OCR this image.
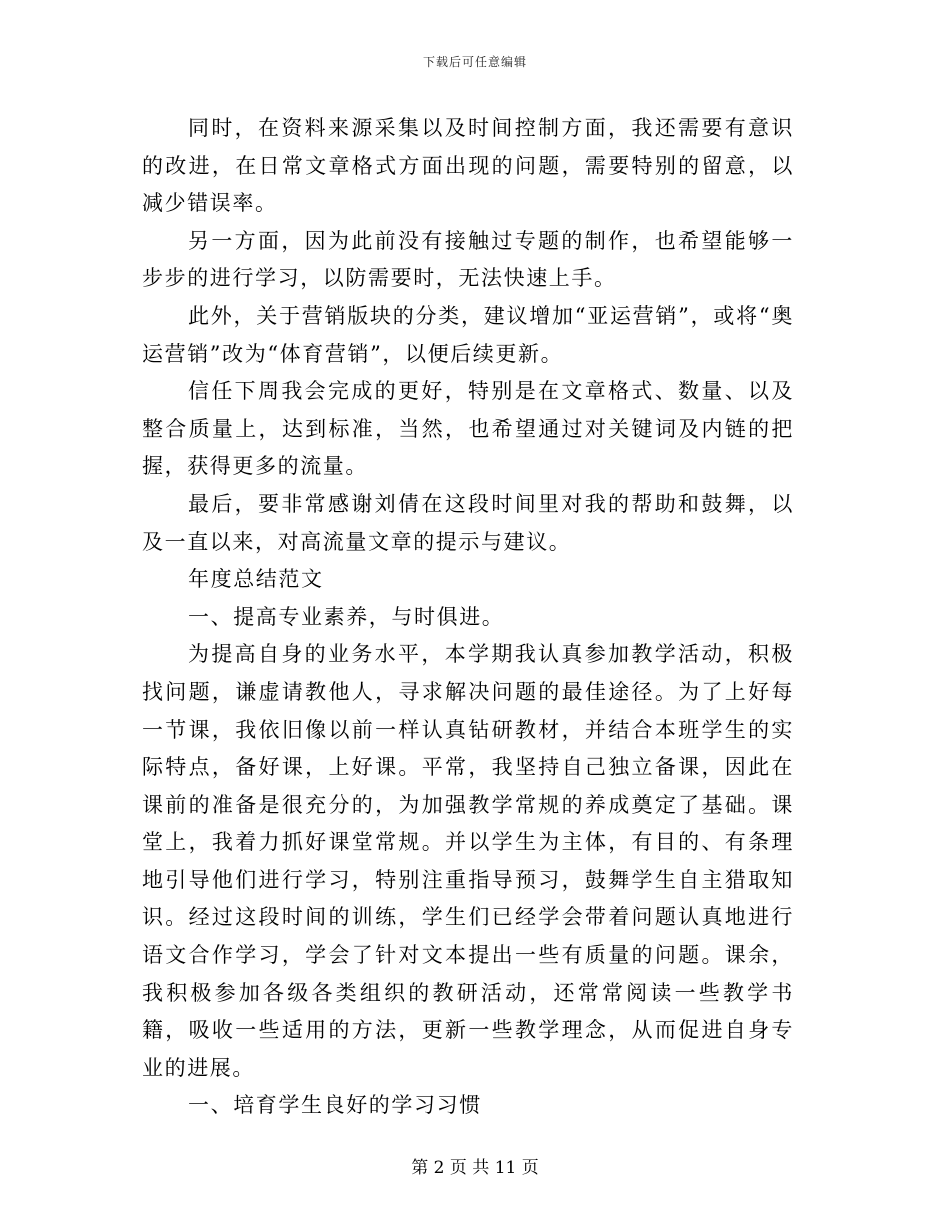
下载后可任意编辑

同时，在资料来源采集以及时间控制方面，我还需要有意识的改进，在日常文章格式方面出现的问题，需要特别的留意，以减少错误率。

另一方面，因为此前没有接触过专题的制作，也希望能够一步步的进行学习，以防需要时，无法快速上手。

此外，关于营销版块的分类，建议增加“亚运营销”，或将“奥运营销”改为“体育营销”，以便后续更新。

信任下周我会完成的更好，特别是在文章格式、数量、以及整合质量上，达到标准，当然，也希望通过对关键词及内链的把握，获得更多的流量。

最后，要非常感谢刘倩在这段时间里对我的帮助和鼓舞，以及一直以来，对高流量文章的提示与建议。

年度总结范文

一、提高专业素养，与时俱进。

为提高自身的业务水平，本学期我认真参加教学活动，积极找问题，谦虚请教他人，寻求解决问题的最佳途径。为了上好每一节课，我依旧像以前一样认真钻研教材，并结合本班学生的实际特点，备好课，上好课。平常，我坚持自己独立备课，因此在课前的准备是很充分的，为加强教学常规的养成奠定了基础。课堂上，我着力抓好课堂常规。并以学生为主体，有目的、有条理地引导他们进行学习，特别注重指导预习，鼓舞学生自主猎取知识。经过这段时间的训练，学生们已经学会带着问题认真地进行语文合作学习，学会了针对文本提出一些有质量的问题。课余，我积极参加各级各类组织的教研活动，还常常阅读一些教学书籍，吸收一些适用的方法，更新一些教学理念，从而促进自身专业的进展。

一、培育学生良好的学习习惯

第 2 页 共 11 页
